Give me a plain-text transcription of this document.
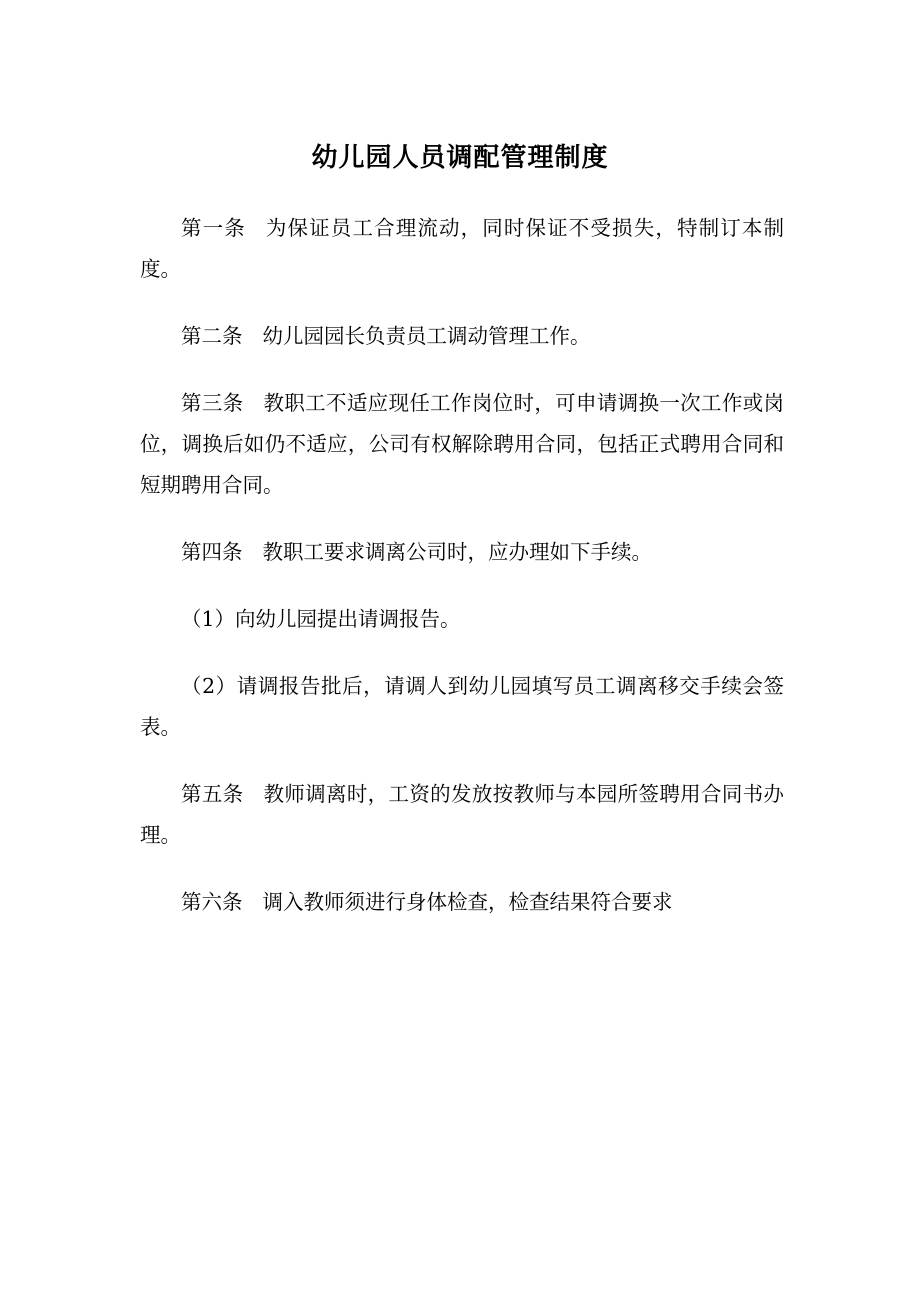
幼儿园人员调配管理制度

第一条 为保证员工合理流动，同时保证不受损失，特制订本制度。

第二条 幼儿园园长负责员工调动管理工作。

第三条 教职工不适应现任工作岗位时，可申请调换一次工作或岗位，调换后如仍不适应，公司有权解除聘用合同，包括正式聘用合同和短期聘用合同。

第四条 教职工要求调离公司时，应办理如下手续。

（1）向幼儿园提出请调报告。

（2）请调报告批后，请调人到幼儿园填写员工调离移交手续会签表。

第五条 教师调离时，工资的发放按教师与本园所签聘用合同书办理。

第六条 调入教师须进行身体检查，检查结果符合要求
